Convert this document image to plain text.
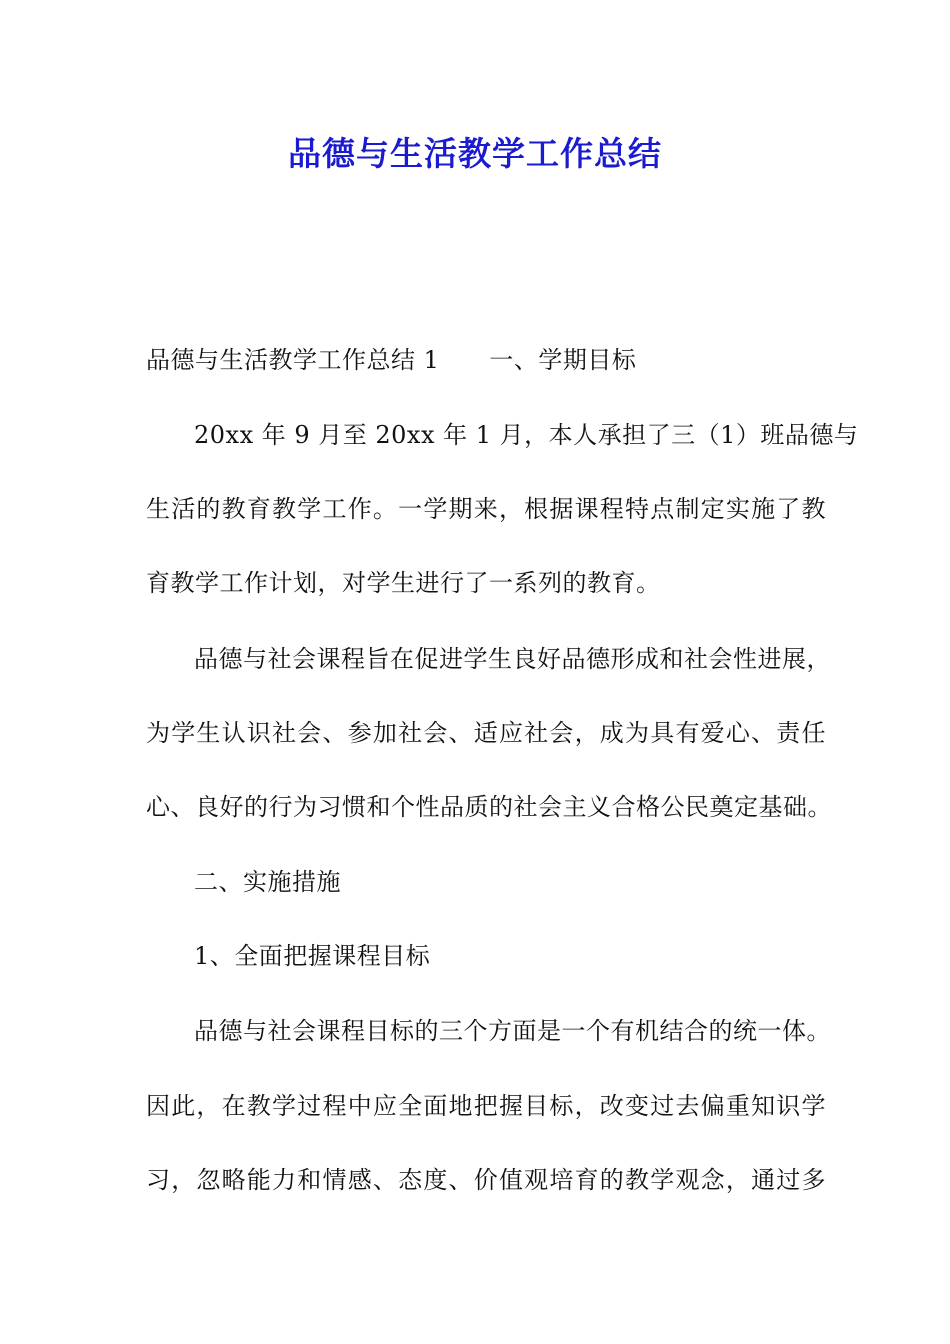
品德与生活教学工作总结
品德与生活教学工作总结 1 一、学期目标
20xx 年 9 月至 20xx 年 1 月，本人承担了三（1）班品德与
生活的教育教学工作。一学期来，根据课程特点制定实施了教
育教学工作计划，对学生进行了一系列的教育。
品德与社会课程旨在促进学生良好品德形成和社会性进展，
为学生认识社会、参加社会、适应社会，成为具有爱心、责任
心、良好的行为习惯和个性品质的社会主义合格公民奠定基础。
二、实施措施
1、全面把握课程目标
品德与社会课程目标的三个方面是一个有机结合的统一体。
因此，在教学过程中应全面地把握目标，改变过去偏重知识学
习，忽略能力和情感、态度、价值观培育的教学观念，通过多
